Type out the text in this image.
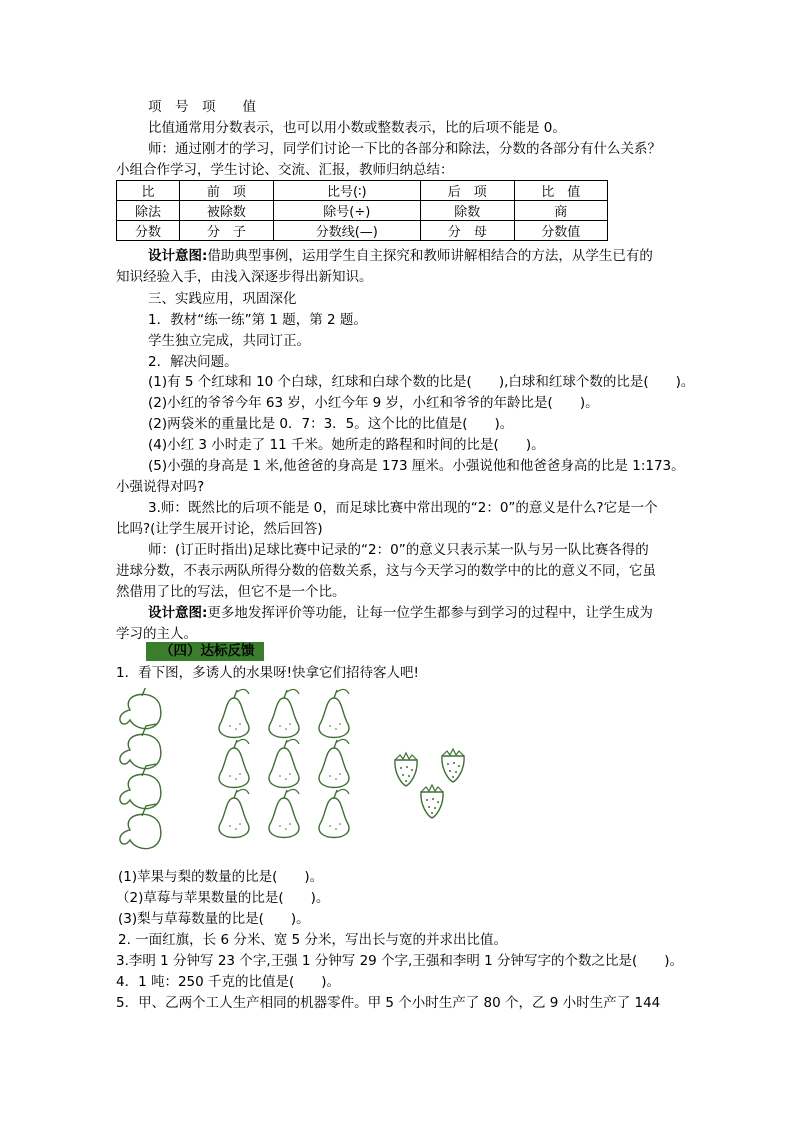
项　号　项　　值
比值通常用分数表示，也可以用小数或整数表示，比的后项不能是 0。
师：通过刚才的学习，同学们讨论一下比的各部分和除法，分数的各部分有什么关系？
小组合作学习，学生讨论、交流、汇报，教师归纳总结：
比	前　项	比号(∶)	后　项	比　值
除法	被除数	除号(÷)	除数	商
分数	分　子	分数线(—)	分　母	分数值
设计意图:借助典型事例，运用学生自主探究和教师讲解相结合的方法，从学生已有的
知识经验入手，由浅入深逐步得出新知识。
三、实践应用，巩固深化
1．教材“练一练”第 1 题，第 2 题。
学生独立完成，共同订正。
2．解决问题。
(1)有 5 个红球和 10 个白球，红球和白球个数的比是(　　),白球和红球个数的比是(　　)。
(2)小红的爷爷今年 63 岁，小红今年 9 岁，小红和爷爷的年龄比是(　　)。
(2)两袋米的重量比是 0．7：3．5。这个比的比值是(　　)。
(4)小红 3 小时走了 11 千米。她所走的路程和时间的比是(　　)。
(5)小强的身高是 1 米,他爸爸的身高是 173 厘米。小强说他和他爸爸身高的比是 1:173。
小强说得对吗?
3.师：既然比的后项不能是 0，而足球比赛中常出现的“2：0”的意义是什么?它是一个
比吗?(让学生展开讨论，然后回答)
师：(订正时指出)足球比赛中记录的“2：0”的意义只表示某一队与另一队比赛各得的
进球分数，不表示两队所得分数的倍数关系，这与今天学习的数学中的比的意义不同，它虽
然借用了比的写法，但它不是一个比。
设计意图:更多地发挥评价等功能，让每一位学生都参与到学习的过程中，让学生成为
学习的主人。
（四）达标反馈
1．看下图，多诱人的水果呀!快拿它们招待客人吧!
(1)苹果与梨的数量的比是(　　)。
（2)草莓与苹果数量的比是(　　)。
(3)梨与草莓数量的比是(　　)。
2. 一面红旗，长 6 分米、宽 5 分米，写出长与宽的并求出比值。
3.李明 1 分钟写 23 个字,王强 1 分钟写 29 个字,王强和李明 1 分钟写字的个数之比是(　　)。
4．1 吨：250 千克的比值是(　　)。
5．甲、乙两个工人生产相同的机器零件。甲 5 个小时生产了 80 个，乙 9 小时生产了 144
